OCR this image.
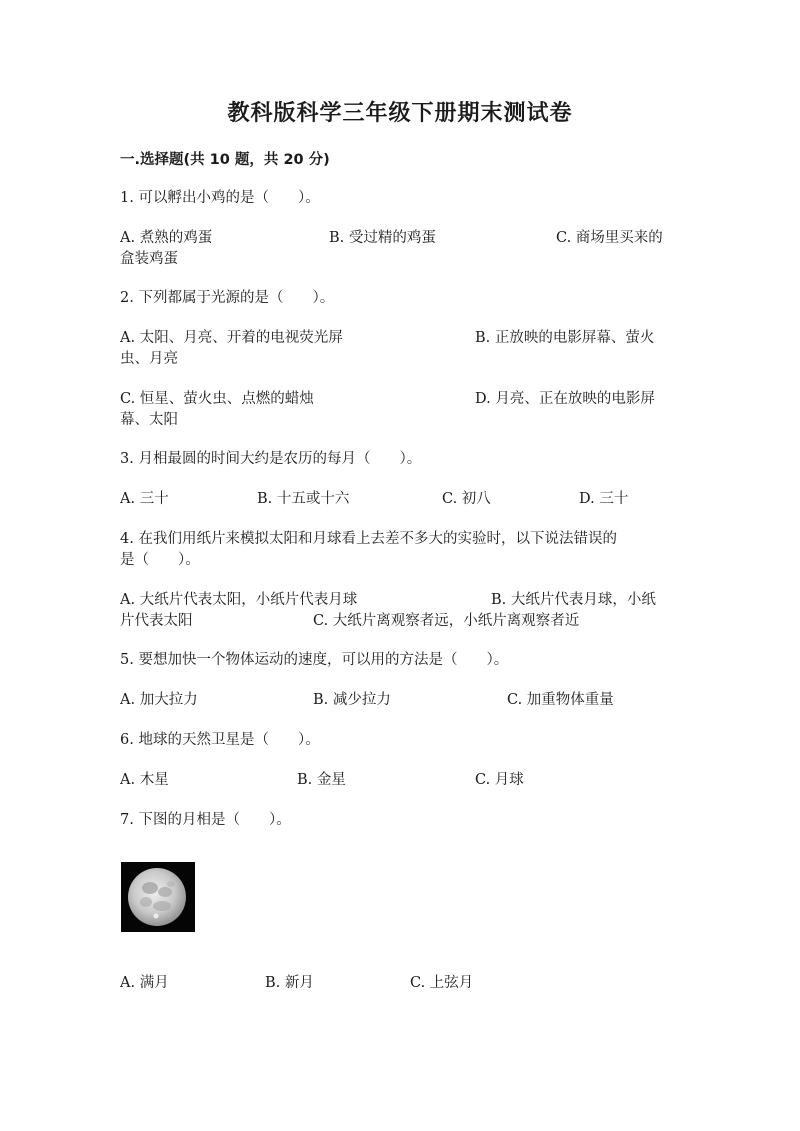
教科版科学三年级下册期末测试卷
一.选择题(共 10 题，共 20 分)
1. 可以孵出小鸡的是（　　）。
A. 煮熟的鸡蛋	B. 受过精的鸡蛋	C. 商场里买来的
盒装鸡蛋
2. 下列都属于光源的是（　　）。
A. 太阳、月亮、开着的电视荧光屏	B. 正放映的电影屏幕、萤火
虫、月亮
C. 恒星、萤火虫、点燃的蜡烛	D. 月亮、正在放映的电影屏
幕、太阳
3. 月相最圆的时间大约是农历的每月（　　）。
A. 三十	B. 十五或十六	C. 初八	D. 三十
4. 在我们用纸片来模拟太阳和月球看上去差不多大的实验时，以下说法错误的
是（　　）。
A. 大纸片代表太阳，小纸片代表月球	B. 大纸片代表月球，小纸
片代表太阳	C. 大纸片离观察者远，小纸片离观察者近
5. 要想加快一个物体运动的速度，可以用的方法是（　　）。
A. 加大拉力	B. 减少拉力	C. 加重物体重量
6. 地球的天然卫星是（　　）。
A. 木星	B. 金星	C. 月球
7. 下图的月相是（　　）。
A. 满月	B. 新月	C. 上弦月
